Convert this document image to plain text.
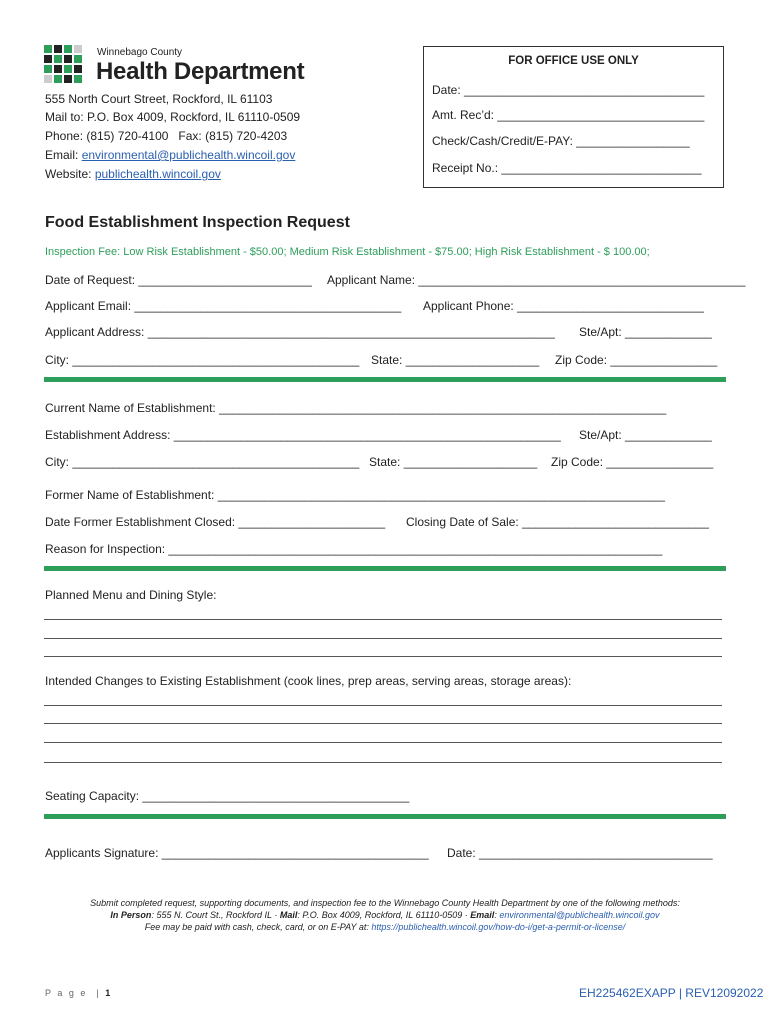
Winnebago County
Health Department
555 North Court Street, Rockford, IL 61103
Mail to: P.O. Box 4009, Rockford, IL 61110-0509
Phone: (815) 720-4100   Fax: (815) 720-4203
Email: environmental@publichealth.wincoil.gov
Website: publichealth.wincoil.gov
FOR OFFICE USE ONLY
Date: ____________________________________
Amt. Rec’d: _______________________________
Check/Cash/Credit/E-PAY: _________________
Receipt No.: ______________________________
Food Establishment Inspection Request
Inspection Fee: Low Risk Establishment - $50.00; Medium Risk Establishment - $75.00; High Risk Establishment - $ 100.00;
Date of Request: __________________________ Applicant Name: _________________________________________________
Applicant Email: ________________________________________ Applicant Phone: ____________________________
Applicant Address: _____________________________________________________________ Ste/Apt: _____________
City: ___________________________________________ State: ____________________ Zip Code: ________________
Current Name of Establishment: ___________________________________________________________________
Establishment Address: __________________________________________________________ Ste/Apt: _____________
City: ___________________________________________ State: ____________________ Zip Code: ________________
Former Name of Establishment: ___________________________________________________________________
Date Former Establishment Closed: ______________________ Closing Date of Sale: ____________________________
Reason for Inspection: __________________________________________________________________________
Planned Menu and Dining Style:
Intended Changes to Existing Establishment (cook lines, prep areas, serving areas, storage areas):
Seating Capacity: ________________________________________
Applicants Signature: ________________________________________ Date: ___________________________________
Submit completed request, supporting documents, and inspection fee to the Winnebago County Health Department by one of the following methods:
In Person: 555 N. Court St., Rockford IL · Mail: P.O. Box 4009, Rockford, IL 61110-0509 · Email: environmental@publichealth.wincoil.gov
Fee may be paid with cash, check, card, or on E-PAY at: https://publichealth.wincoil.gov/how-do-i/get-a-permit-or-license/
P a g e  | 1	EH225462EXAPP | REV12092022
